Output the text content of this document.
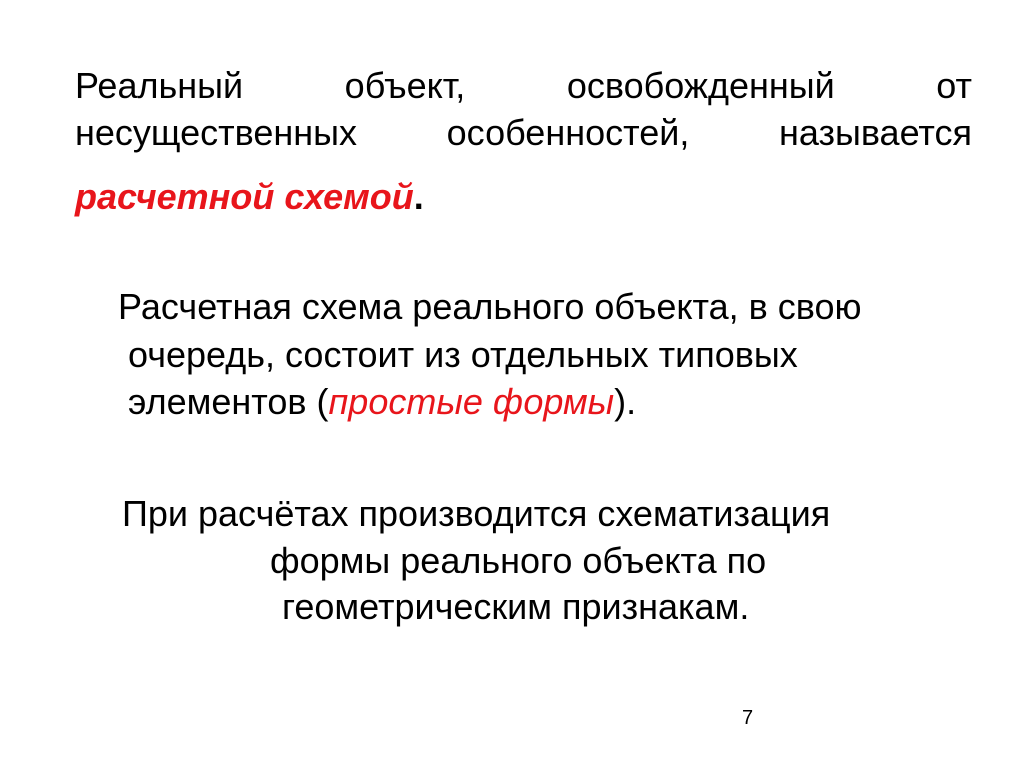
Реальный	объект,	освобожденный	от
несущественных особенностей, называется
расчетной схемой.
Расчетная схема реального объекта, в свою
очередь, состоит из отдельных типовых
элементов (простые формы).
При расчётах производится схематизация
формы реального объекта по
геометрическим признакам.
7
